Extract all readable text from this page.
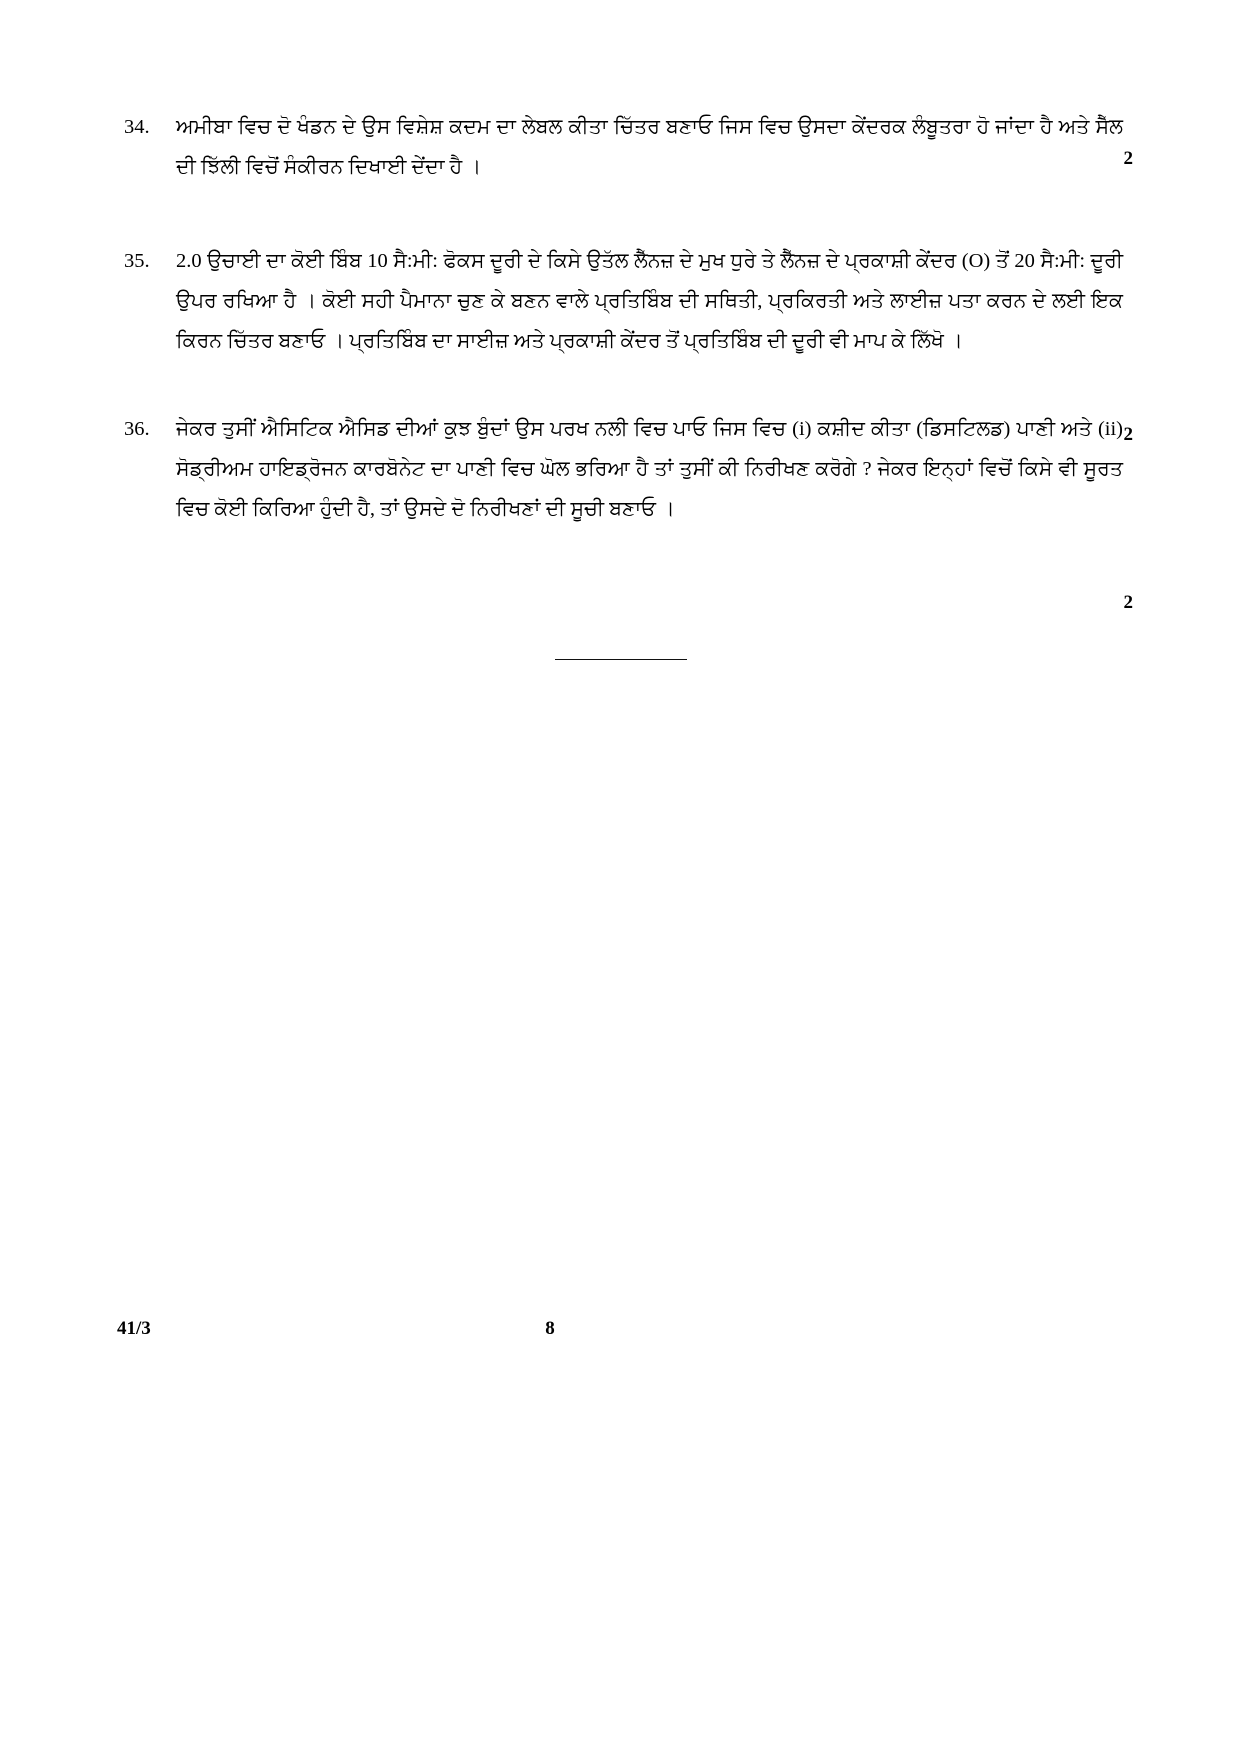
34.	ਅਮੀਬਾ ਵਿਚ ਦੋ ਖੰਡਨ ਦੇ ਉਸ ਵਿਸ਼ੇਸ਼ ਕਦਮ ਦਾ ਲੇਬਲ ਕੀਤਾ ਚਿੱਤਰ ਬਣਾਓ ਜਿਸ ਵਿਚ ਉਸਦਾ ਕੇਂਦਰਕ ਲੰਬੂਤਰਾ ਹੋ ਜਾਂਦਾ ਹੈ ਅਤੇ ਸੈੱਲ ਦੀ ਝਿੱਲੀ ਵਿਚੋਂ ਸੰਕੀਰਨ ਦਿਖਾਈ ਦੇਂਦਾ ਹੈ ।	2
35.	2.0 ਉਚਾਈ ਦਾ ਕੋਈ ਬਿੰਬ 10 ਸੈ:ਮੀ: ਫੋਕਸ ਦੂਰੀ ਦੇ ਕਿਸੇ ਉਤੱਲ ਲੈੱਨਜ਼ ਦੇ ਮੁਖ ਧੁਰੇ ਤੇ ਲੈੱਨਜ਼ ਦੇ ਪ੍ਰਕਾਸ਼ੀ ਕੇਂਦਰ (O) ਤੋਂ 20 ਸੈ:ਮੀ: ਦੂਰੀ ਉਪਰ ਰਖਿਆ ਹੈ । ਕੋਈ ਸਹੀ ਪੈਮਾਨਾ ਚੁਣ ਕੇ ਬਣਨ ਵਾਲੇ ਪ੍ਰਤਿਬਿੰਬ ਦੀ ਸਥਿਤੀ, ਪ੍ਰਕਿਰਤੀ ਅਤੇ ਲਾਈਜ਼ ਪਤਾ ਕਰਨ ਦੇ ਲਈ ਇਕ ਕਿਰਨ ਚਿੱਤਰ ਬਣਾਓ । ਪ੍ਰਤਿਬਿੰਬ ਦਾ ਸਾਈਜ਼ ਅਤੇ ਪ੍ਰਕਾਸ਼ੀ ਕੇਂਦਰ ਤੋਂ ਪ੍ਰਤਿਬਿੰਬ ਦੀ ਦੂਰੀ ਵੀ ਮਾਪ ਕੇ ਲਿੱਖੋ ।
2
36.	ਜੇਕਰ ਤੁਸੀਂ ਐਸਿਟਿਕ ਐਸਿਡ ਦੀਆਂ ਕੁਝ ਬੁੰਦਾਂ ਉਸ ਪਰਖ ਨਲੀ ਵਿਚ ਪਾਓ ਜਿਸ ਵਿਚ (i) ਕਸ਼ੀਦ ਕੀਤਾ (ਡਿਸਟਿਲਡ) ਪਾਣੀ ਅਤੇ (ii) ਸੋਡ੍ਰੀਅਮ ਹਾਇਡ੍ਰੋਜਨ ਕਾਰਬੋਨੇਟ ਦਾ ਪਾਣੀ ਵਿਚ ਘੋਲ ਭਰਿਆ ਹੈ ਤਾਂ ਤੁਸੀਂ ਕੀ ਨਿਰੀਖਣ ਕਰੋਗੇ ? ਜੇਕਰ ਇਨ੍ਹਾਂ ਵਿਚੋਂ ਕਿਸੇ ਵੀ ਸੂਰਤ ਵਿਚ ਕੋਈ ਕਿਰਿਆ ਹੁੰਦੀ ਹੈ, ਤਾਂ ਉਸਦੇ ਦੋ ਨਿਰੀਖਣਾਂ ਦੀ ਸੂਚੀ ਬਣਾਓ ।
2
41/3	8
